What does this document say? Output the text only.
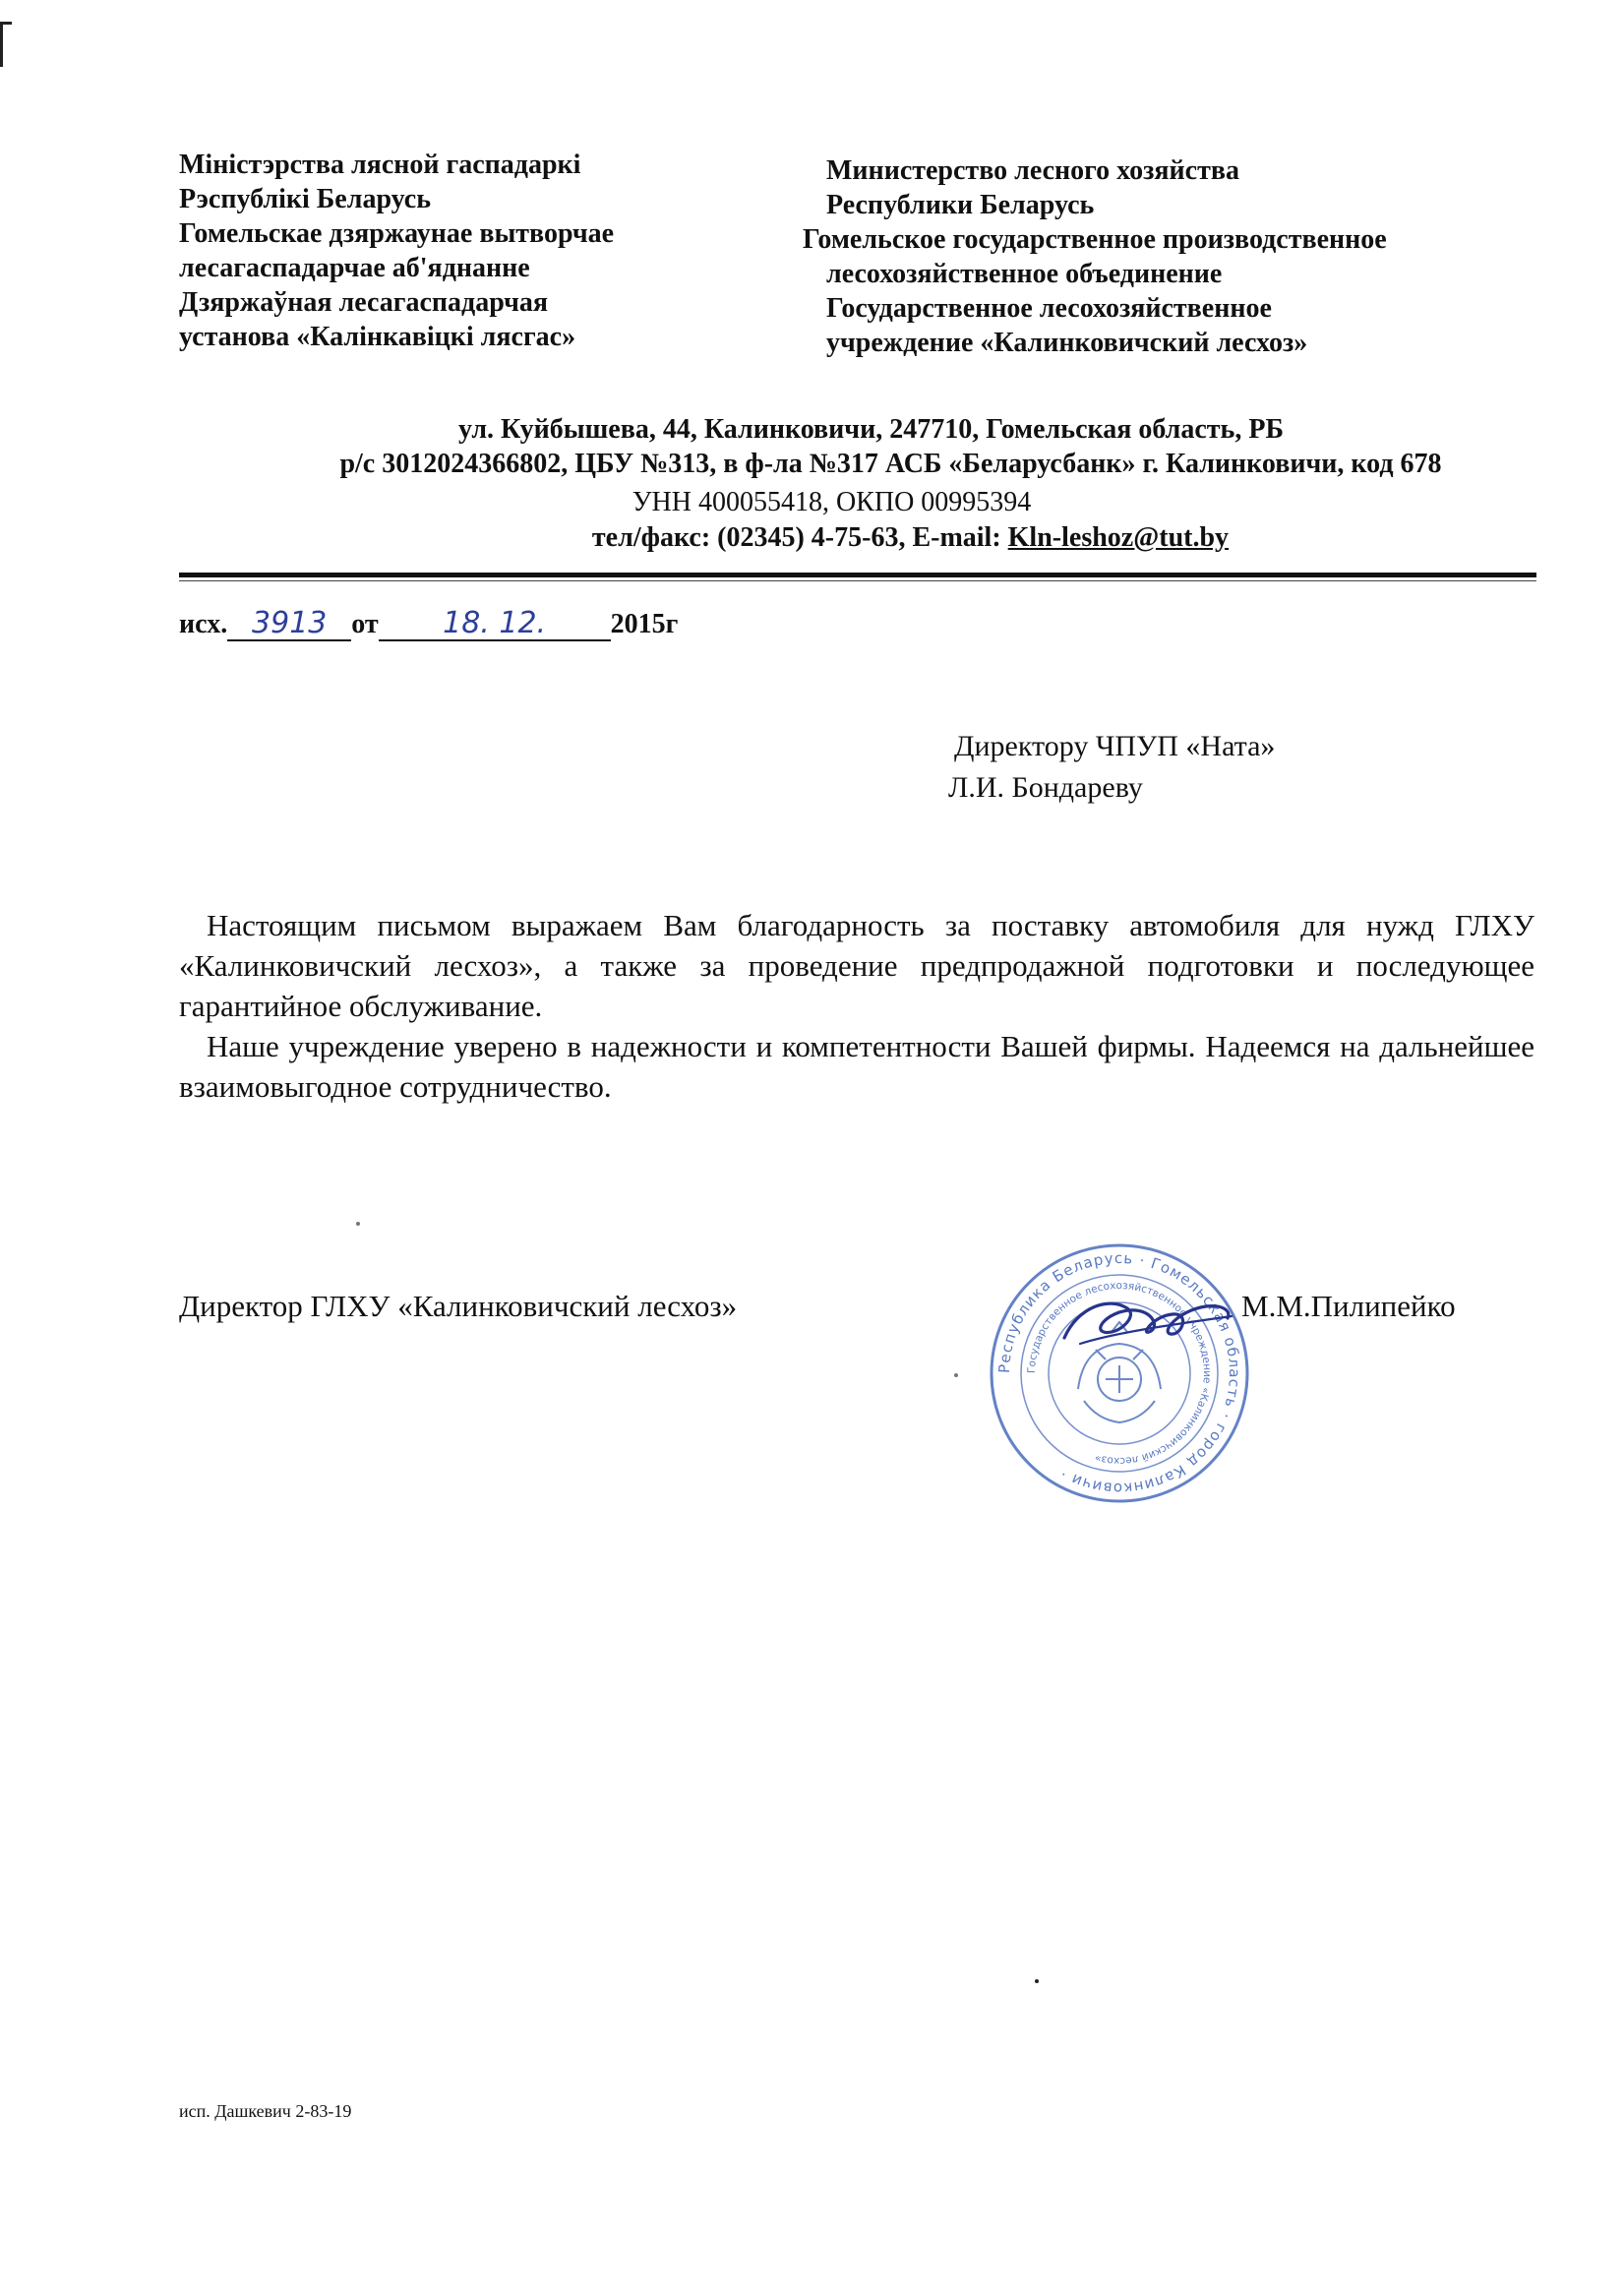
Міністэрства лясной гаспадаркі
Рэспублікі Беларусь
Гомельскае дзяржаунае вытворчае
лесагаспадарчае аб'яднанне
Дзяржаўная лесагаспадарчая
установа «Калінкавіцкі лясгас»
Министерство лесного хозяйства
Республики Беларусь
Гомельское государственное производственное
лесохозяйственное объединение
Государственное лесохозяйственное
учреждение «Калинковичский лесхоз»
ул. Куйбышева, 44, Калинковичи, 247710, Гомельская область, РБ
р/с 3012024366802, ЦБУ №313, в ф-ла №317 АСБ «Беларусбанк» г. Калинковичи, код 678
УНН 400055418, ОКПО 00995394
тел/факс: (02345) 4-75-63, E-mail: Kln-leshoz@tut.by
исх. 3913 от 18. 12. 2015г
Директору ЧПУП «Ната»
Л.И. Бондареву

Настоящим письмом выражаем Вам благодарность за поставку автомобиля для нужд ГЛХУ «Калинковичский лесхоз», а также за проведение предпродажной подготовки и последующее гарантийное обслуживание.

Наше учреждение уверено в надежности и компетентности Вашей фирмы. Надеемся на дальнейшее взаимовыгодное сотрудничество.

Директор ГЛХУ «Калинковичский лесхоз»
Республика Беларусь · Гомельская область · город Калинковичи ·
Государственное лесохозяйственное учреждение «Калинковичский лесхоз»
М.М.Пилипейко
исп. Дашкевич 2-83-19
